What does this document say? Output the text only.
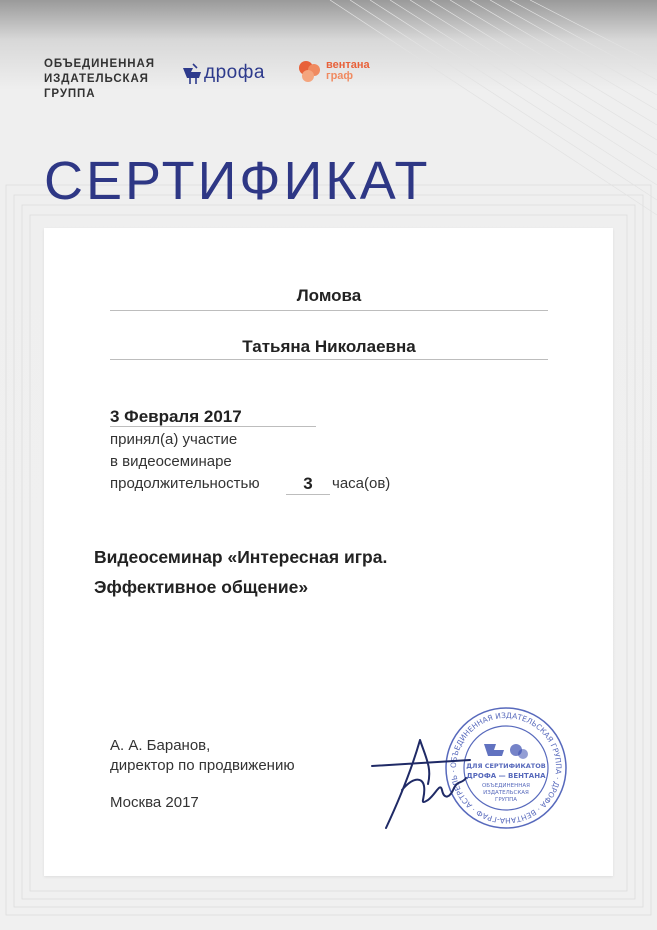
ОБЪЕДИНЕННАЯ
ИЗДАТЕЛЬСКАЯ
ГРУППА
дрофа	вентана
граф
СЕРТИФИКАТ
Ломова
Татьяна Николаевна
3 Февраля 2017
принял(а) участие
в видеосеминаре
продолжительностью	3	часа(ов)
Видеосеминар «Интересная игра.
Эффективное общение»
А. А. Баранов,
директор по продвижению
Москва 2017
ОБЪЕДИНЕННАЯ ИЗДАТЕЛЬСКАЯ ГРУППА · ДРОФА · ВЕНТАНА-ГРАФ · АСТРЕЛЬ ·
ДЛЯ СЕРТИФИКАТОВ
ДРОФА — ВЕНТАНА
ОБЪЕДИНЕННАЯ
ИЗДАТЕЛЬСКАЯ
ГРУППА
